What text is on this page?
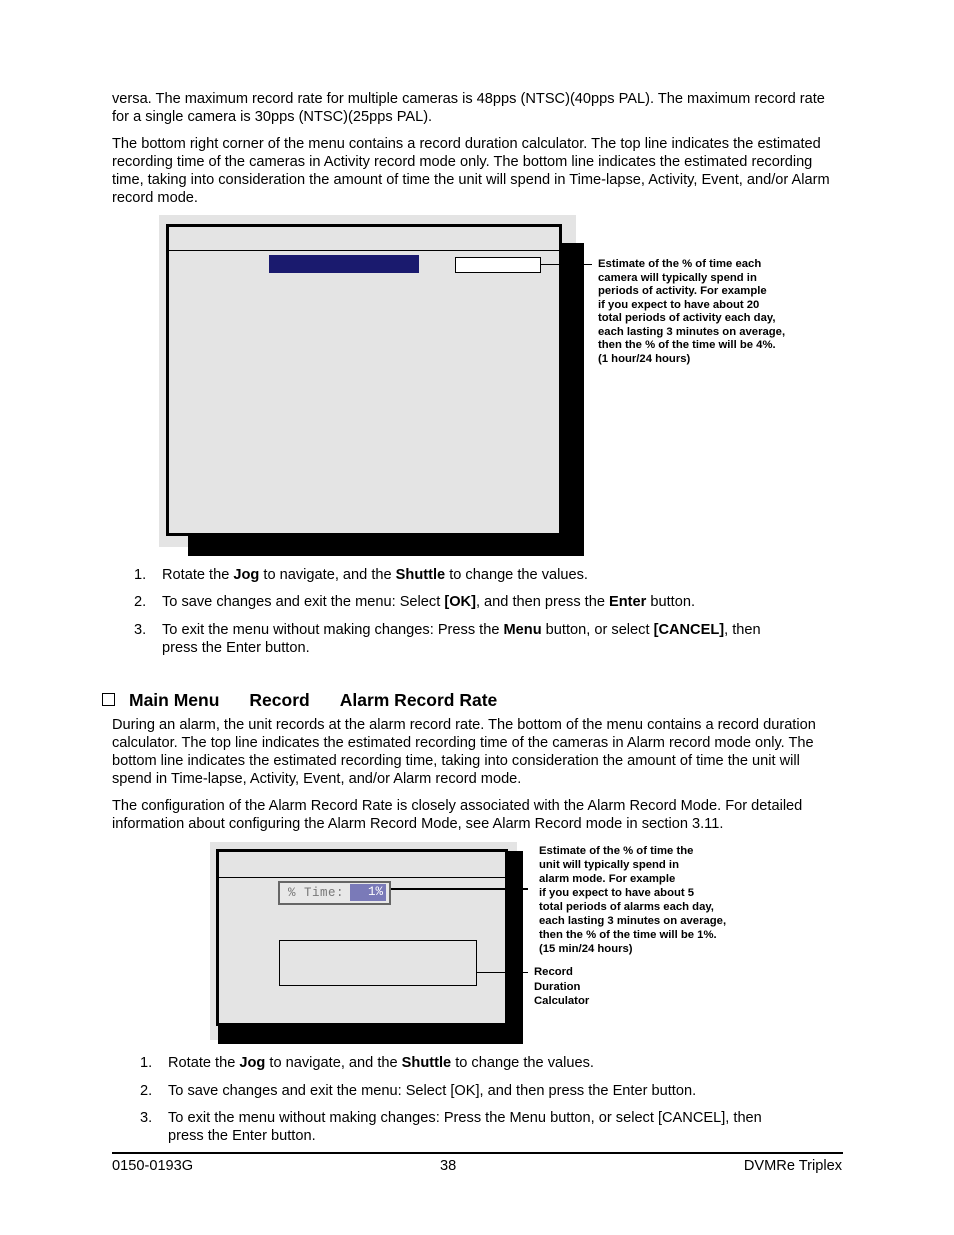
versa. The maximum record rate for multiple cameras is 48pps (NTSC)(40pps PAL). The maximum record rate for a single camera is 30pps (NTSC)(25pps PAL).

The bottom right corner of the menu contains a record duration calculator. The top line indicates the estimated recording time of the cameras in Activity record mode only. The bottom line indicates the estimated recording time, taking into consideration the amount of time the unit will spend in Time-lapse, Activity, Event, and/or Alarm record mode.

Estimate of the % of time each
camera will typically spend in
periods of activity. For example
if you expect to have about 20
total periods of activity each day,
each lasting 3 minutes on average,
then the % of the time will be 4%.
(1 hour/24 hours)
1. Rotate the Jog to navigate, and the Shuttle to change the values.
2. To save changes and exit the menu: Select [OK], and then press the Enter button.
3. To exit the menu without making changes: Press the Menu button, or select [CANCEL], then
press the Enter button.
Main Menu Record Alarm Record Rate

During an alarm, the unit records at the alarm record rate. The bottom of the menu contains a record duration calculator. The top line indicates the estimated recording time of the cameras in Alarm record mode only. The bottom line indicates the estimated recording time, taking into consideration the amount of time the unit will spend in Time-lapse, Activity, Event, and/or Alarm record mode.

The configuration of the Alarm Record Rate is closely associated with the Alarm Record Mode. For detailed information about configuring the Alarm Record Mode, see Alarm Record mode in section 3.11.

% Time:	1%
Estimate of the % of time the
unit will typically spend in
alarm mode. For example
if you expect to have about 5
total periods of alarms each day,
each lasting 3 minutes on average,
then the % of the time will be 1%.
(15 min/24 hours)
Record
Duration
Calculator
1. Rotate the Jog to navigate, and the Shuttle to change the values.
2. To save changes and exit the menu: Select [OK], and then press the Enter button.
3. To exit the menu without making changes: Press the Menu button, or select [CANCEL], then
press the Enter button.
0150-0193G	38	DVMRe Triplex
